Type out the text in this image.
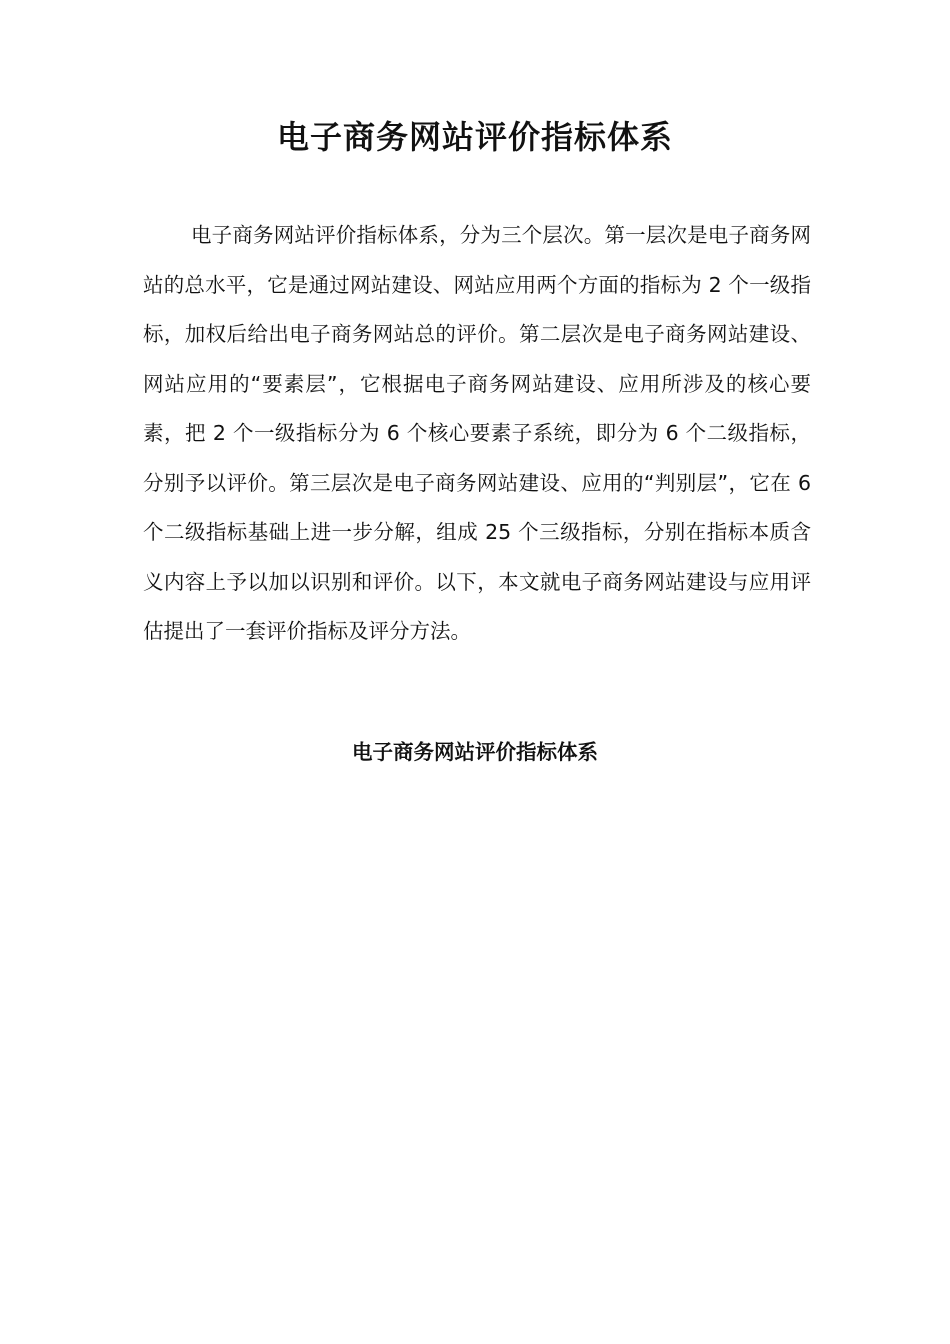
电子商务网站评价指标体系

电子商务网站评价指标体系，分为三个层次。第一层次是电子商务网站的总水平，它是通过网站建设、网站应用两个方面的指标为 2 个一级指标，加权后给出电子商务网站总的评价。第二层次是电子商务网站建设、网站应用的“要素层”，它根据电子商务网站建设、应用所涉及的核心要素，把 2 个一级指标分为 6 个核心要素子系统，即分为 6 个二级指标，分别予以评价。第三层次是电子商务网站建设、应用的“判别层”，它在 6 个二级指标基础上进一步分解，组成 25 个三级指标，分别在指标本质含义内容上予以加以识别和评价。以下，本文就电子商务网站建设与应用评估提出了一套评价指标及评分方法。

电子商务网站评价指标体系
